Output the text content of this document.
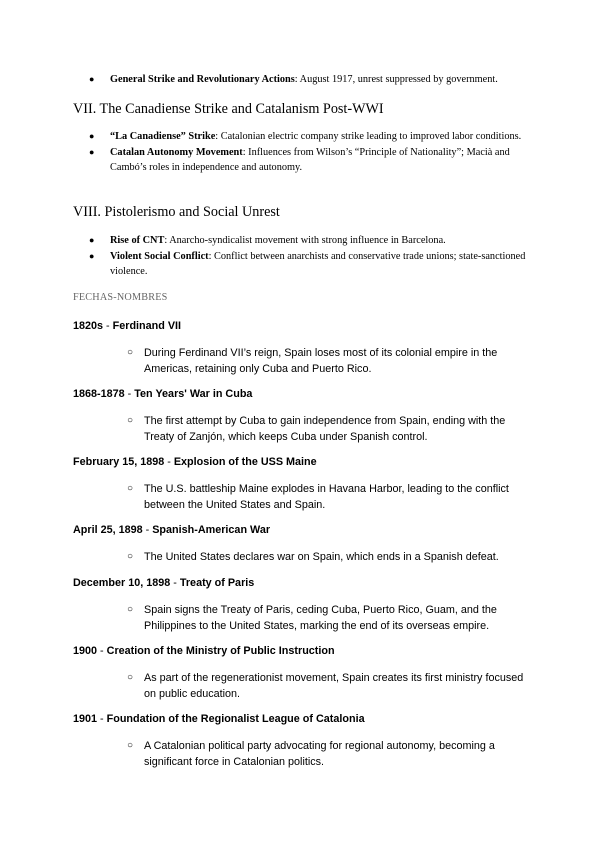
● General Strike and Revolutionary Actions: August 1917, unrest suppressed by government.
VII. The Canadiense Strike and Catalanism Post-WWI
● “La Canadiense” Strike: Catalonian electric company strike leading to improved labor conditions.
● Catalan Autonomy Movement: Influences from Wilson’s “Principle of Nationality”; Macià and Cambó’s roles in independence and autonomy.
VIII. Pistolerismo and Social Unrest
● Rise of CNT: Anarcho-syndicalist movement with strong influence in Barcelona.
● Violent Social Conflict: Conflict between anarchists and conservative trade unions; state-sanctioned violence.
FECHAS-NOMBRES
1820s - Ferdinand VII
○ During Ferdinand VII’s reign, Spain loses most of its colonial empire in the Americas, retaining only Cuba and Puerto Rico.
1868-1878 - Ten Years' War in Cuba
○ The first attempt by Cuba to gain independence from Spain, ending with the Treaty of Zanjón, which keeps Cuba under Spanish control.
February 15, 1898 - Explosion of the USS Maine
○ The U.S. battleship Maine explodes in Havana Harbor, leading to the conflict between the United States and Spain.
April 25, 1898 - Spanish-American War
○ The United States declares war on Spain, which ends in a Spanish defeat.
December 10, 1898 - Treaty of Paris
○ Spain signs the Treaty of Paris, ceding Cuba, Puerto Rico, Guam, and the Philippines to the United States, marking the end of its overseas empire.
1900 - Creation of the Ministry of Public Instruction
○ As part of the regenerationist movement, Spain creates its first ministry focused on public education.
1901 - Foundation of the Regionalist League of Catalonia
○ A Catalonian political party advocating for regional autonomy, becoming a significant force in Catalonian politics.
